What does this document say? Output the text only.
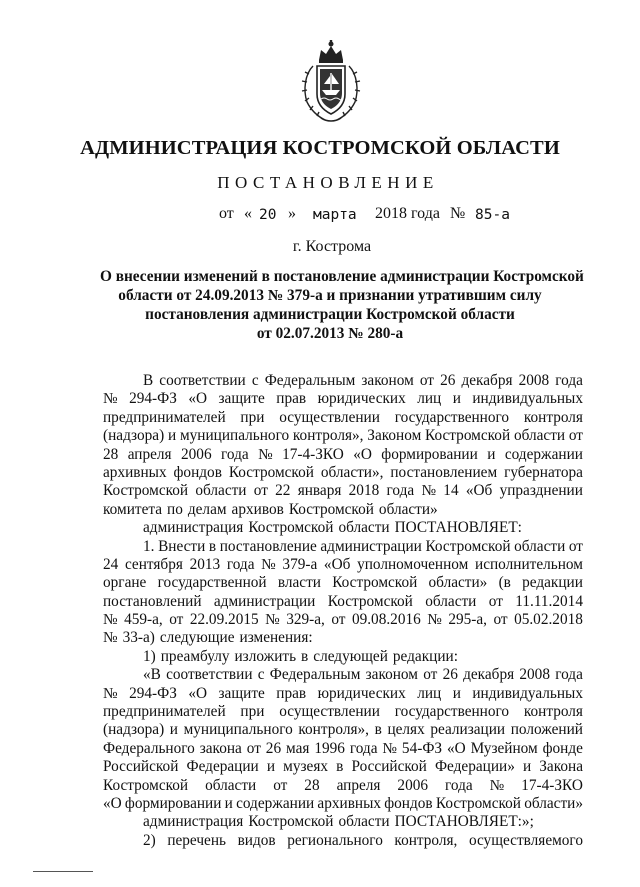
АДМИНИСТРАЦИЯ КОСТРОМСКОЙ ОБЛАСТИ
ПОСТАНОВЛЕНИЕ
от « 20 » марта 2018 года № 85-а
г. Кострома
О внесении изменений в постановление администрации Костромской
области от 24.09.2013 № 379-а и признании утратившим силу
постановления администрации Костромской области
от 02.07.2013 № 280-а
В соответствии с Федеральным законом от 26 декабря 2008 года
№ 294-ФЗ «О защите прав юридических лиц и индивидуальных
предпринимателей при осуществлении государственного контроля
(надзора) и муниципального контроля», Законом Костромской области от
28 апреля 2006 года № 17-4-ЗКО «О формировании и содержании
архивных фондов Костромской области», постановлением губернатора
Костромской области от 22 января 2018 года № 14 «Об упразднении
комитета по делам архивов Костромской области»
администрация Костромской области ПОСТАНОВЛЯЕТ:
1. Внести в постановление администрации Костромской области от
24 сентября 2013 года № 379-а «Об уполномоченном исполнительном
органе государственной власти Костромской области» (в редакции
постановлений администрации Костромской области от 11.11.2014
№ 459-а, от 22.09.2015 № 329-а, от 09.08.2016 № 295-а, от 05.02.2018
№ 33-а) следующие изменения:
1) преамбулу изложить в следующей редакции:
«В соответствии с Федеральным законом от 26 декабря 2008 года
№ 294-ФЗ «О защите прав юридических лиц и индивидуальных
предпринимателей при осуществлении государственного контроля
(надзора) и муниципального контроля», в целях реализации положений
Федерального закона от 26 мая 1996 года № 54-ФЗ «О Музейном фонде
Российской Федерации и музеях в Российской Федерации» и Закона
Костромской области от 28 апреля 2006 года № 17-4-ЗКО
«О формировании и содержании архивных фондов Костромской области»
администрация Костромской области ПОСТАНОВЛЯЕТ:»;
2) перечень видов регионального контроля, осуществляемого
